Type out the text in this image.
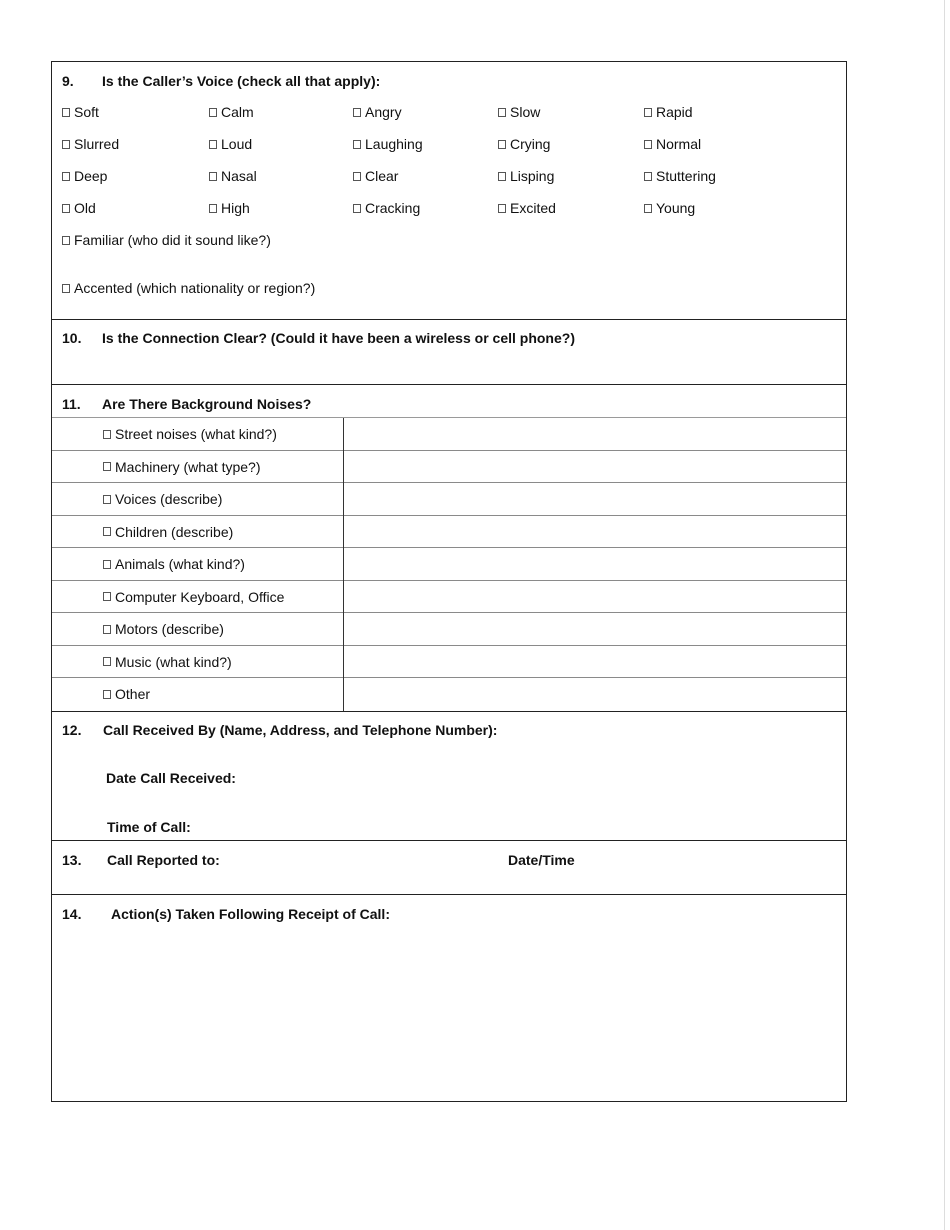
9. Is the Caller’s Voice (check all that apply):
Soft	Calm	Angry	Slow	Rapid
Slurred	Loud	Laughing	Crying	Normal
Deep	Nasal	Clear	Lisping	Stuttering
Old	High	Cracking	Excited	Young
Familiar (who did it sound like?)
Accented (which nationality or region?)
10. Is the Connection Clear? (Could it have been a wireless or cell phone?)
11. Are There Background Noises?
Street noises (what kind?)
Machinery (what type?)
Voices (describe)
Children (describe)
Animals (what kind?)
Computer Keyboard, Office
Motors (describe)
Music (what kind?)
Other
12. Call Received By (Name, Address, and Telephone Number):
Date Call Received:
Time of Call:
13. Call Reported to:	Date/Time
14. Action(s) Taken Following Receipt of Call:
